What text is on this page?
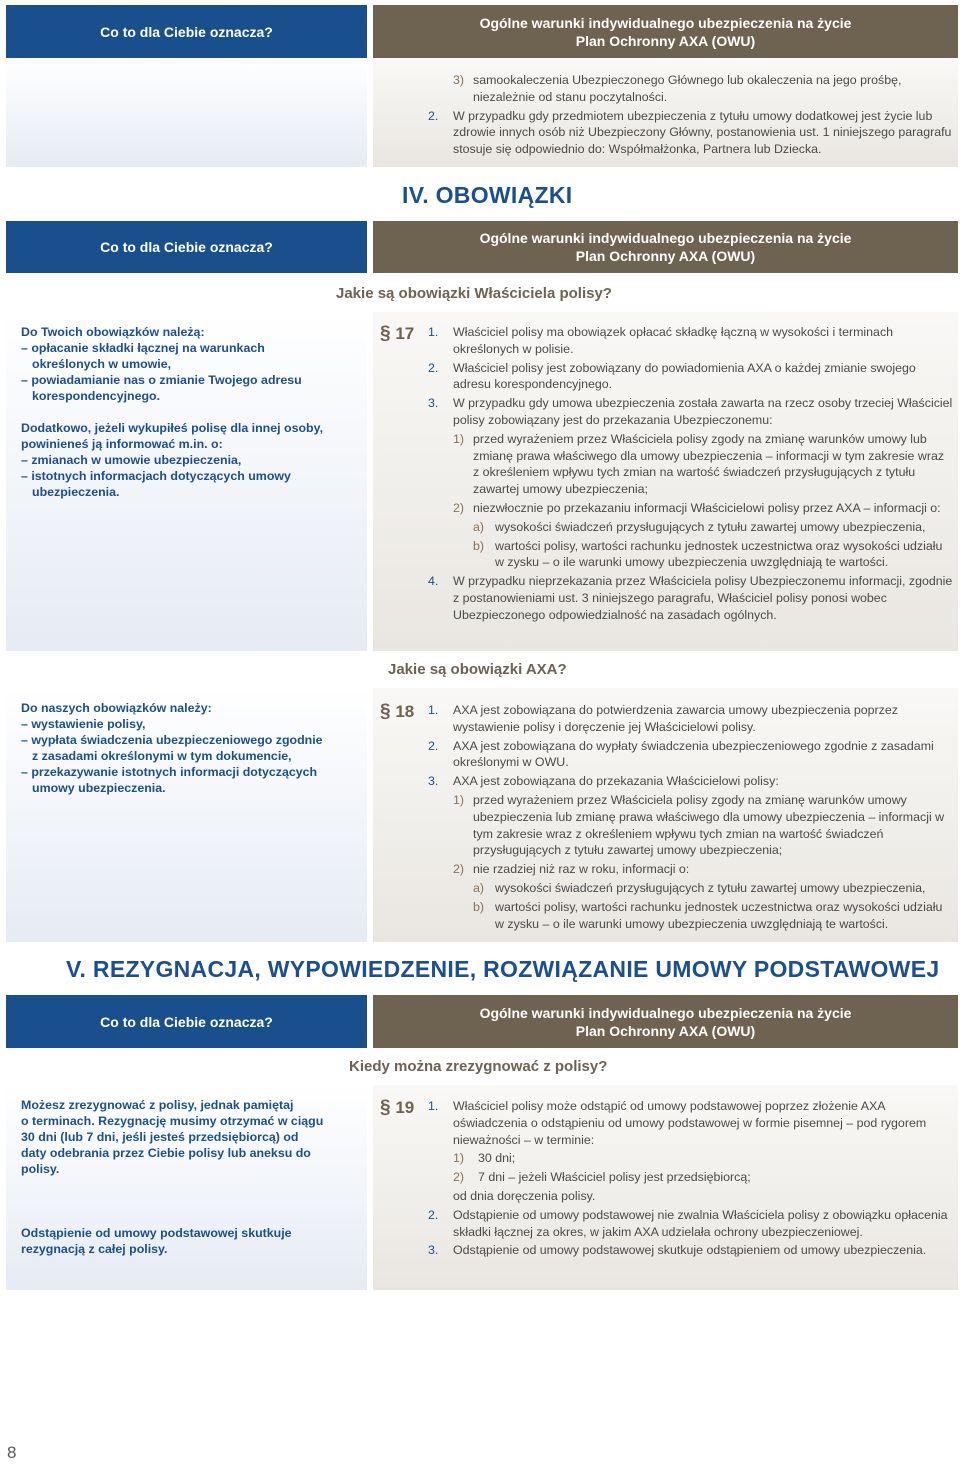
Co to dla Ciebie oznacza?
Ogólne warunki indywidualnego ubezpieczenia na życie
Plan Ochronny AXA (OWU)
3) samookaleczenia Ubezpieczonego Głównego lub okaleczenia na jego prośbę, niezależnie od stanu poczytalności.
2. W przypadku gdy przedmiotem ubezpieczenia z tytułu umowy dodatkowej jest życie lub zdrowie innych osób niż Ubezpieczony Główny, postanowienia ust. 1 niniejszego paragrafu stosuje się odpowiednio do: Współmałżonka, Partnera lub Dziecka.
IV. OBOWIĄZKI
Co to dla Ciebie oznacza?
Ogólne warunki indywidualnego ubezpieczenia na życie
Plan Ochronny AXA (OWU)
Jakie są obowiązki Właściciela polisy?
Do Twoich obowiązków należą:
– opłacanie składki łącznej na warunkach
określonych w umowie,
– powiadamianie nas o zmianie Twojego adresu
korespondencyjnego.
Dodatkowo, jeżeli wykupiłeś polisę dla innej osoby,
powinieneś ją informować m.in. o:
– zmianach w umowie ubezpieczenia,
– istotnych informacjach dotyczących umowy
ubezpieczenia.
§ 17 1. Właściciel polisy ma obowiązek opłacać składkę łączną w wysokości i terminach określonych w polisie.
2. Właściciel polisy jest zobowiązany do powiadomienia AXA o każdej zmianie swojego adresu korespondencyjnego.
3. W przypadku gdy umowa ubezpieczenia została zawarta na rzecz osoby trzeciej Właściciel polisy zobowiązany jest do przekazania Ubezpieczonemu:
1) przed wyrażeniem przez Właściciela polisy zgody na zmianę warunków umowy lub zmianę prawa właściwego dla umowy ubezpieczenia – informacji w tym zakresie wraz z określeniem wpływu tych zmian na wartość świadczeń przysługujących z tytułu zawartej umowy ubezpieczenia;
2) niezwłocznie po przekazaniu informacji Właścicielowi polisy przez AXA – informacji o:
a) wysokości świadczeń przysługujących z tytułu zawartej umowy ubezpieczenia,
b) wartości polisy, wartości rachunku jednostek uczestnictwa oraz wysokości udziału w zysku – o ile warunki umowy ubezpieczenia uwzględniają te wartości.
4. W przypadku nieprzekazania przez Właściciela polisy Ubezpieczonemu informacji, zgodnie z postanowieniami ust. 3 niniejszego paragrafu, Właściciel polisy ponosi wobec Ubezpieczonego odpowiedzialność na zasadach ogólnych.
Jakie są obowiązki AXA?
Do naszych obowiązków należy:
– wystawienie polisy,
– wypłata świadczenia ubezpieczeniowego zgodnie
z zasadami określonymi w tym dokumencie,
– przekazywanie istotnych informacji dotyczących
umowy ubezpieczenia.
§ 18 1. AXA jest zobowiązana do potwierdzenia zawarcia umowy ubezpieczenia poprzez wystawienie polisy i doręczenie jej Właścicielowi polisy.
2. AXA jest zobowiązana do wypłaty świadczenia ubezpieczeniowego zgodnie z zasadami określonymi w OWU.
3. AXA jest zobowiązana do przekazania Właścicielowi polisy:
1) przed wyrażeniem przez Właściciela polisy zgody na zmianę warunków umowy ubezpieczenia lub zmianę prawa właściwego dla umowy ubezpieczenia – informacji w tym zakresie wraz z określeniem wpływu tych zmian na wartość świadczeń przysługujących z tytułu zawartej umowy ubezpieczenia;
2) nie rzadziej niż raz w roku, informacji o:
a) wysokości świadczeń przysługujących z tytułu zawartej umowy ubezpieczenia,
b) wartości polisy, wartości rachunku jednostek uczestnictwa oraz wysokości udziału w zysku – o ile warunki umowy ubezpieczenia uwzględniają te wartości.
V. REZYGNACJA, WYPOWIEDZENIE, ROZWIĄZANIE UMOWY PODSTAWOWEJ
Co to dla Ciebie oznacza?
Ogólne warunki indywidualnego ubezpieczenia na życie
Plan Ochronny AXA (OWU)
Kiedy można zrezygnować z polisy?
Możesz zrezygnować z polisy, jednak pamiętaj
o terminach. Rezygnację musimy otrzymać w ciągu
30 dni (lub 7 dni, jeśli jesteś przedsiębiorcą) od
daty odebrania przez Ciebie polisy lub aneksu do
polisy.
Odstąpienie od umowy podstawowej skutkuje
rezygnacją z całej polisy.
§ 19 1. Właściciel polisy może odstąpić od umowy podstawowej poprzez złożenie AXA oświadczenia o odstąpieniu od umowy podstawowej w formie pisemnej – pod rygorem nieważności – w terminie:
1) 30 dni;
2) 7 dni – jeżeli Właściciel polisy jest przedsiębiorcą;
od dnia doręczenia polisy.
2. Odstąpienie od umowy podstawowej nie zwalnia Właściciela polisy z obowiązku opłacenia składki łącznej za okres, w jakim AXA udzielała ochrony ubezpieczeniowej.
3. Odstąpienie od umowy podstawowej skutkuje odstąpieniem od umowy ubezpieczenia.
8
